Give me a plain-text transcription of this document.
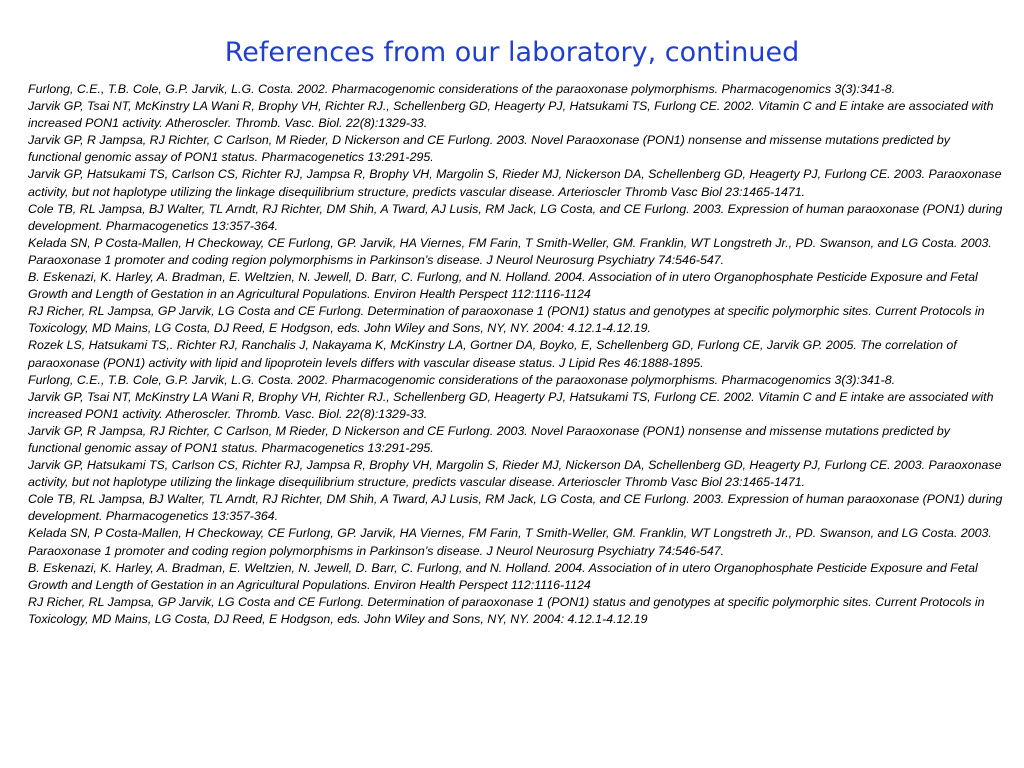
References from our laboratory, continued
Furlong, C.E., T.B. Cole, G.P. Jarvik, L.G. Costa. 2002. Pharmacogenomic considerations of the paraoxonase polymorphisms. Pharmacogenomics 3(3):341-8.
Jarvik GP, Tsai NT, McKinstry LA Wani R, Brophy VH, Richter RJ., Schellenberg GD, Heagerty PJ, Hatsukami TS, Furlong CE. 2002. Vitamin C and E intake are associated with increased PON1 activity. Atheroscler. Thromb. Vasc. Biol. 22(8):1329-33.
Jarvik GP, R Jampsa, RJ Richter, C Carlson, M Rieder, D Nickerson and CE Furlong. 2003. Novel Paraoxonase (PON1) nonsense and missense mutations predicted by functional genomic assay of PON1 status. Pharmacogenetics 13:291-295.
Jarvik GP, Hatsukami TS, Carlson CS, Richter RJ, Jampsa R, Brophy VH, Margolin S, Rieder MJ, Nickerson DA, Schellenberg GD, Heagerty PJ, Furlong CE. 2003. Paraoxonase activity, but not haplotype utilizing the linkage disequilibrium structure, predicts vascular disease. Arterioscler Thromb Vasc Biol 23:1465-1471.
Cole TB, RL Jampsa, BJ Walter, TL Arndt, RJ Richter, DM Shih, A Tward, AJ Lusis, RM Jack, LG Costa, and CE Furlong. 2003. Expression of human paraoxonase (PON1) during development. Pharmacogenetics 13:357-364.
Kelada SN, P Costa-Mallen, H Checkoway, CE Furlong, GP. Jarvik, HA Viernes, FM Farin, T Smith-Weller, GM. Franklin, WT Longstreth Jr., PD. Swanson, and LG Costa. 2003. Paraoxonase 1 promoter and coding region polymorphisms in Parkinson’s disease. J Neurol Neurosurg Psychiatry 74:546-547.
B. Eskenazi, K. Harley, A. Bradman, E. Weltzien, N. Jewell, D. Barr, C. Furlong, and N. Holland. 2004. Association of in utero Organophosphate Pesticide Exposure and Fetal Growth and Length of Gestation in an Agricultural Populations. Environ Health Perspect 112:1116-1124
RJ Richer, RL Jampsa, GP Jarvik, LG Costa and CE Furlong. Determination of paraoxonase 1 (PON1) status and genotypes at specific polymorphic sites. Current Protocols in Toxicology, MD Mains, LG Costa, DJ Reed, E Hodgson, eds. John Wiley and Sons, NY, NY. 2004: 4.12.1-4.12.19.
Rozek LS, Hatsukami TS,. Richter RJ, Ranchalis J, Nakayama K, McKinstry LA, Gortner DA, Boyko, E, Schellenberg GD, Furlong CE, Jarvik GP. 2005. The correlation of paraoxonase (PON1) activity with lipid and lipoprotein levels differs with vascular disease status. J Lipid Res 46:1888-1895.
Furlong, C.E., T.B. Cole, G.P. Jarvik, L.G. Costa. 2002. Pharmacogenomic considerations of the paraoxonase polymorphisms. Pharmacogenomics 3(3):341-8.
Jarvik GP, Tsai NT, McKinstry LA Wani R, Brophy VH, Richter RJ., Schellenberg GD, Heagerty PJ, Hatsukami TS, Furlong CE. 2002. Vitamin C and E intake are associated with increased PON1 activity. Atheroscler. Thromb. Vasc. Biol. 22(8):1329-33.
Jarvik GP, R Jampsa, RJ Richter, C Carlson, M Rieder, D Nickerson and CE Furlong. 2003. Novel Paraoxonase (PON1) nonsense and missense mutations predicted by functional genomic assay of PON1 status. Pharmacogenetics 13:291-295.
Jarvik GP, Hatsukami TS, Carlson CS, Richter RJ, Jampsa R, Brophy VH, Margolin S, Rieder MJ, Nickerson DA, Schellenberg GD, Heagerty PJ, Furlong CE. 2003. Paraoxonase activity, but not haplotype utilizing the linkage disequilibrium structure, predicts vascular disease. Arterioscler Thromb Vasc Biol 23:1465-1471.
Cole TB, RL Jampsa, BJ Walter, TL Arndt, RJ Richter, DM Shih, A Tward, AJ Lusis, RM Jack, LG Costa, and CE Furlong. 2003. Expression of human paraoxonase (PON1) during development. Pharmacogenetics 13:357-364.
Kelada SN, P Costa-Mallen, H Checkoway, CE Furlong, GP. Jarvik, HA Viernes, FM Farin, T Smith-Weller, GM. Franklin, WT Longstreth Jr., PD. Swanson, and LG Costa. 2003. Paraoxonase 1 promoter and coding region polymorphisms in Parkinson’s disease. J Neurol Neurosurg Psychiatry 74:546-547.
B. Eskenazi, K. Harley, A. Bradman, E. Weltzien, N. Jewell, D. Barr, C. Furlong, and N. Holland. 2004. Association of in utero Organophosphate Pesticide Exposure and Fetal Growth and Length of Gestation in an Agricultural Populations. Environ Health Perspect 112:1116-1124
RJ Richer, RL Jampsa, GP Jarvik, LG Costa and CE Furlong. Determination of paraoxonase 1 (PON1) status and genotypes at specific polymorphic sites. Current Protocols in Toxicology, MD Mains, LG Costa, DJ Reed, E Hodgson, eds. John Wiley and Sons, NY, NY. 2004: 4.12.1-4.12.19
